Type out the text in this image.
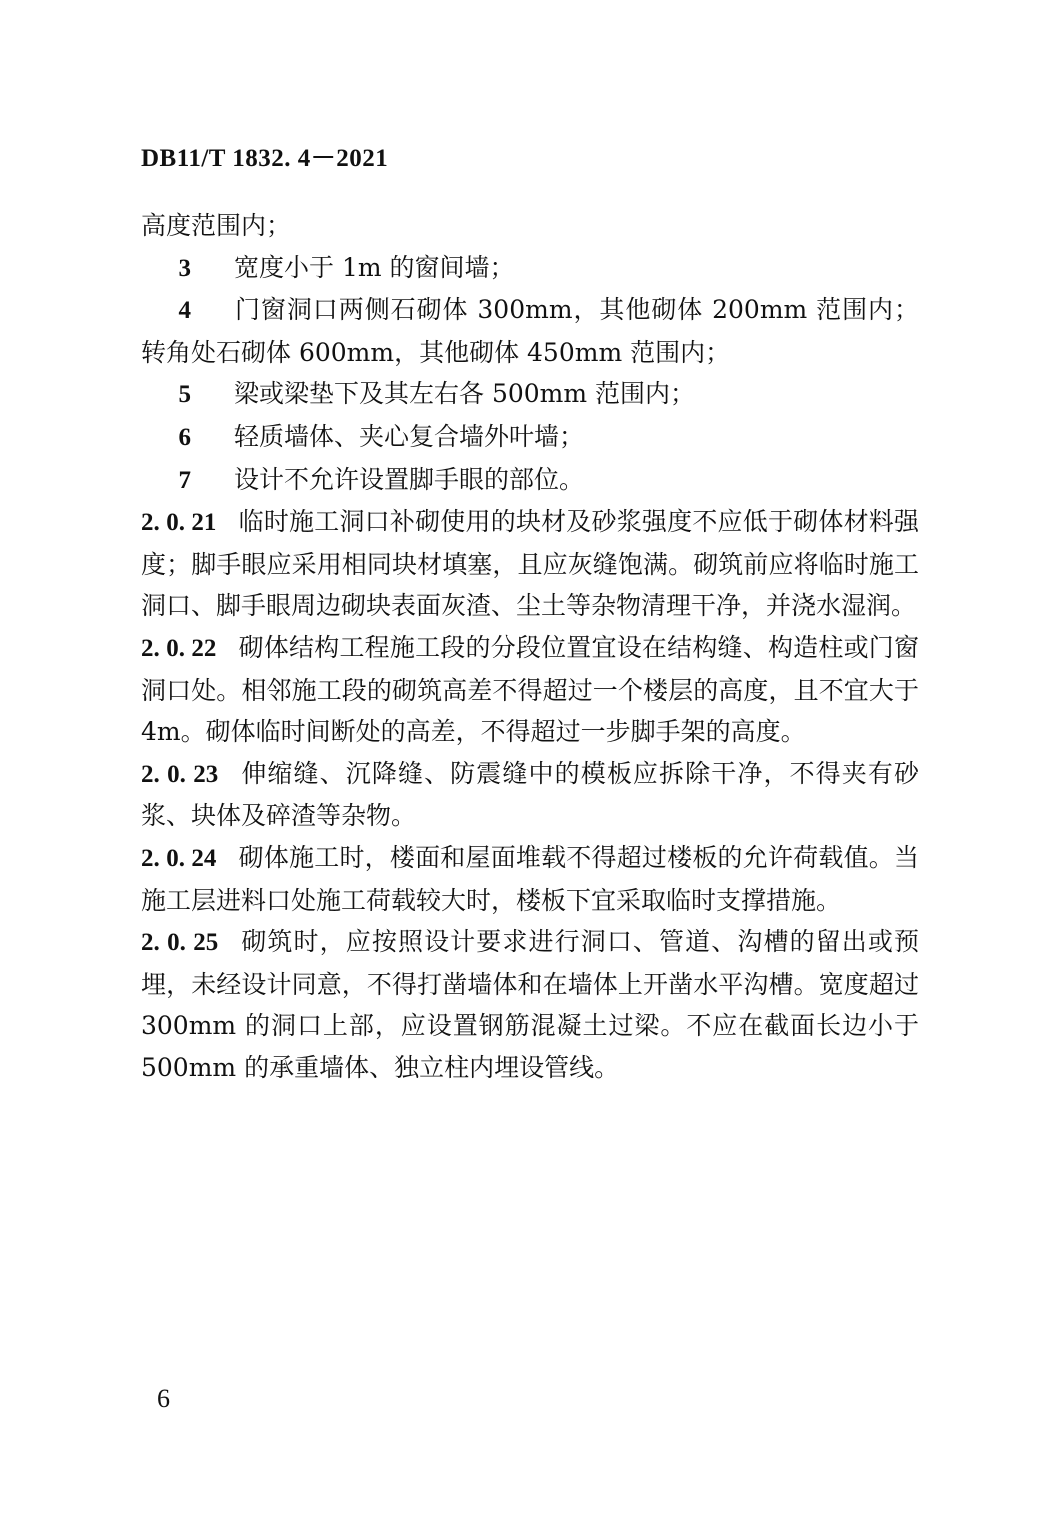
DB11/T 1832. 4－2021

高度范围内；

3 宽度小于 1m 的窗间墙；

4 门窗洞口两侧石砌体 300mm，其他砌体 200mm 范围内；转角处石砌体 600mm，其他砌体 450mm 范围内；

5 梁或梁垫下及其左右各 500mm 范围内；

6 轻质墙体、夹心复合墙外叶墙；

7 设计不允许设置脚手眼的部位。

2. 0. 21 临时施工洞口补砌使用的块材及砂浆强度不应低于砌体材料强度；脚手眼应采用相同块材填塞，且应灰缝饱满。砌筑前应将临时施工洞口、脚手眼周边砌块表面灰渣、尘土等杂物清理干净，并浇水湿润。

2. 0. 22 砌体结构工程施工段的分段位置宜设在结构缝、构造柱或门窗洞口处。相邻施工段的砌筑高差不得超过一个楼层的高度，且不宜大于 4m。砌体临时间断处的高差，不得超过一步脚手架的高度。

2. 0. 23 伸缩缝、沉降缝、防震缝中的模板应拆除干净，不得夹有砂浆、块体及碎渣等杂物。

2. 0. 24 砌体施工时，楼面和屋面堆载不得超过楼板的允许荷载值。当施工层进料口处施工荷载较大时，楼板下宜采取临时支撑措施。

2. 0. 25 砌筑时，应按照设计要求进行洞口、管道、沟槽的留出或预埋，未经设计同意，不得打凿墙体和在墙体上开凿水平沟槽。宽度超过 300mm 的洞口上部，应设置钢筋混凝土过梁。不应在截面长边小于 500mm 的承重墙体、独立柱内埋设管线。

6
